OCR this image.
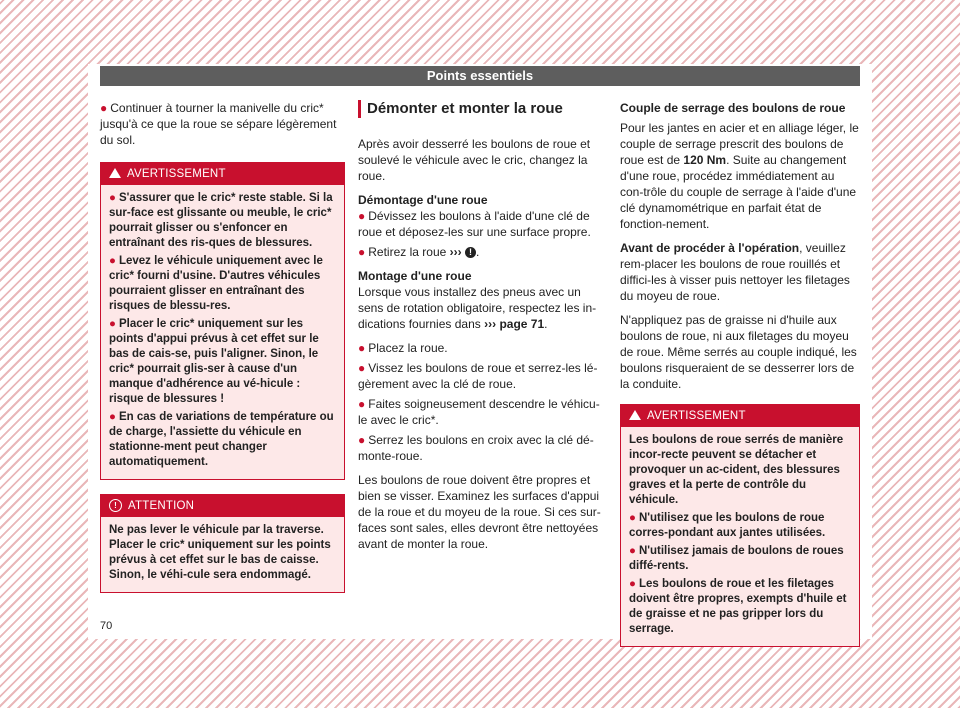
Points essentiels

● Continuer à tourner la manivelle du cric* jusqu'à ce que la roue se sépare légèrement du sol.

AVERTISSEMENT

● S'assurer que le cric* reste stable. Si la sur-face est glissante ou meuble, le cric* pourrait glisser ou s'enfoncer en entraînant des ris-ques de blessures.

● Levez le véhicule uniquement avec le cric* fourni d'usine. D'autres véhicules pourraient glisser en entraînant des risques de blessu-res.

● Placer le cric* uniquement sur les points d'appui prévus à cet effet sur le bas de cais-se, puis l'aligner. Sinon, le cric* pourrait glis-ser à cause d'un manque d'adhérence au vé-hicule : risque de blessures !

● En cas de variations de température ou de charge, l'assiette du véhicule en stationne-ment peut changer automatiquement.

! ATTENTION

Ne pas lever le véhicule par la traverse. Placer le cric* uniquement sur les points prévus à cet effet sur le bas de caisse. Sinon, le véhi-cule sera endommagé.

Démonter et monter la roue

Après avoir desserré les boulons de roue et soulevé le véhicule avec le cric, changez la roue.

Démontage d'une roue

● Dévissez les boulons à l'aide d'une clé de roue et déposez-les sur une surface propre.

● Retirez la roue ››› ! .

Montage d'une roue

Lorsque vous installez des pneus avec un sens de rotation obligatoire, respectez les in-dications fournies dans ››› page 71.

● Placez la roue.

● Vissez les boulons de roue et serrez-les lé-gèrement avec la clé de roue.

● Faites soigneusement descendre le véhicu-le avec le cric*.

● Serrez les boulons en croix avec la clé dé-monte-roue.

Les boulons de roue doivent être propres et bien se visser. Examinez les surfaces d'appui de la roue et du moyeu de la roue. Si ces sur-faces sont sales, elles devront être nettoyées avant de monter la roue.

Couple de serrage des boulons de roue

Pour les jantes en acier et en alliage léger, le couple de serrage prescrit des boulons de roue est de 120 Nm. Suite au changement d'une roue, procédez immédiatement au con-trôle du couple de serrage à l'aide d'une clé dynamométrique en parfait état de fonction-nement.

Avant de procéder à l'opération, veuillez rem-placer les boulons de roue rouillés et diffici-les à visser puis nettoyer les filetages du moyeu de roue.

N'appliquez pas de graisse ni d'huile aux boulons de roue, ni aux filetages du moyeu de roue. Même serrés au couple indiqué, les boulons risqueraient de se desserrer lors de la conduite.

AVERTISSEMENT

Les boulons de roue serrés de manière incor-recte peuvent se détacher et provoquer un ac-cident, des blessures graves et la perte de contrôle du véhicule.

● N'utilisez que les boulons de roue corres-pondant aux jantes utilisées.

● N'utilisez jamais de boulons de roues diffé-rents.

● Les boulons de roue et les filetages doivent être propres, exempts d'huile et de graisse et ne pas gripper lors du serrage.

70
